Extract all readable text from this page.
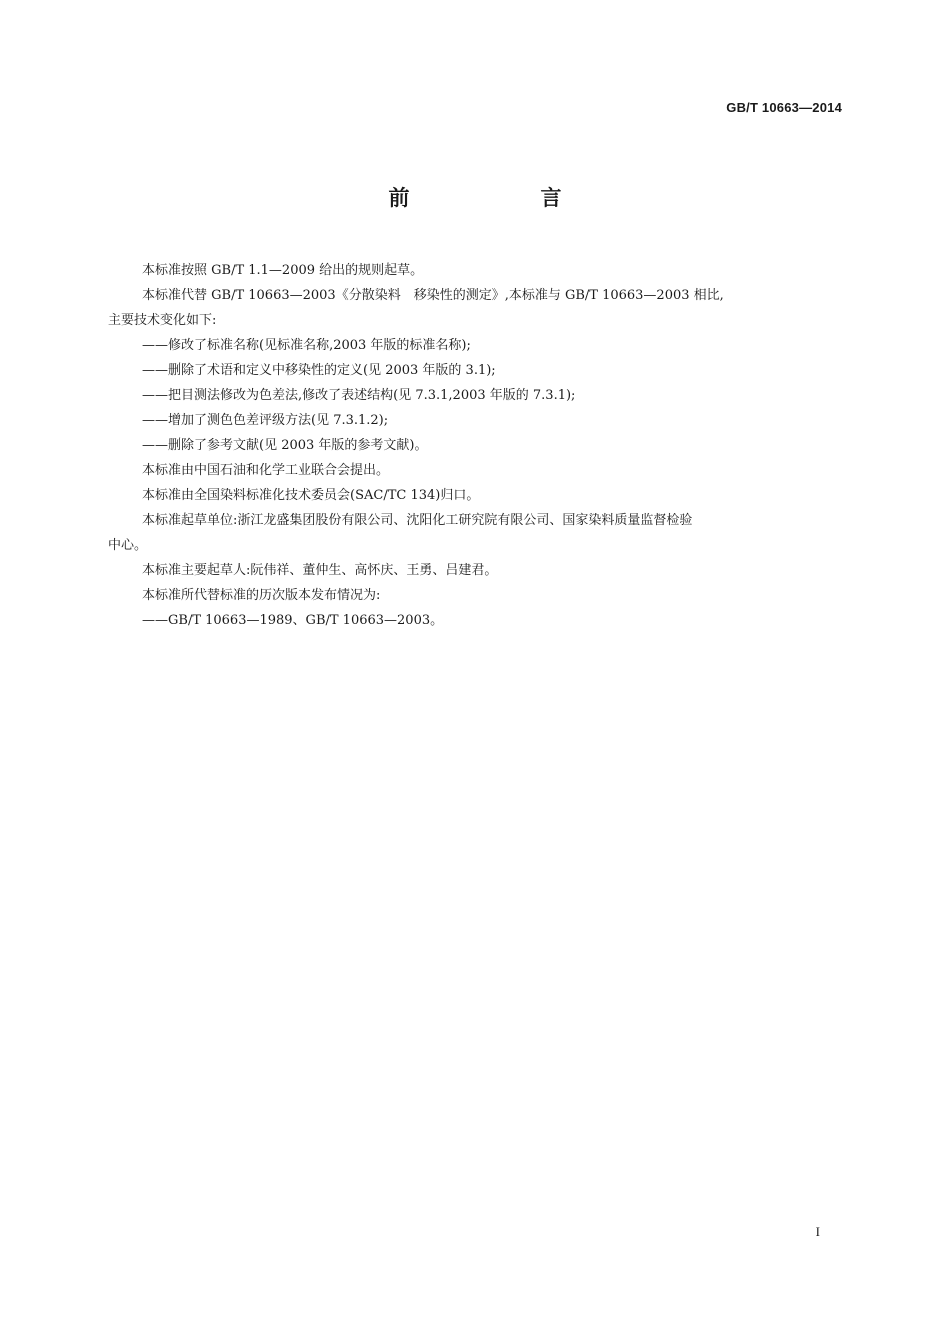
GB/T 10663—2014
前　言

本标准按照 GB/T 1.1—2009 给出的规则起草。

本标准代替 GB/T 10663—2003《分散染料　移染性的测定》,本标准与 GB/T 10663—2003 相比,

主要技术变化如下:

——修改了标准名称(见标准名称,2003 年版的标准名称);

——删除了术语和定义中移染性的定义(见 2003 年版的 3.1);

——把目测法修改为色差法,修改了表述结构(见 7.3.1,2003 年版的 7.3.1);

——增加了测色色差评级方法(见 7.3.1.2);

——删除了参考文献(见 2003 年版的参考文献)。

本标准由中国石油和化学工业联合会提出。

本标准由全国染料标准化技术委员会(SAC/TC 134)归口。

本标准起草单位:浙江龙盛集团股份有限公司、沈阳化工研究院有限公司、国家染料质量监督检验

中心。

本标准主要起草人:阮伟祥、董仲生、高怀庆、王勇、吕建君。

本标准所代替标准的历次版本发布情况为:

——GB/T 10663—1989、GB/T 10663—2003。

I
